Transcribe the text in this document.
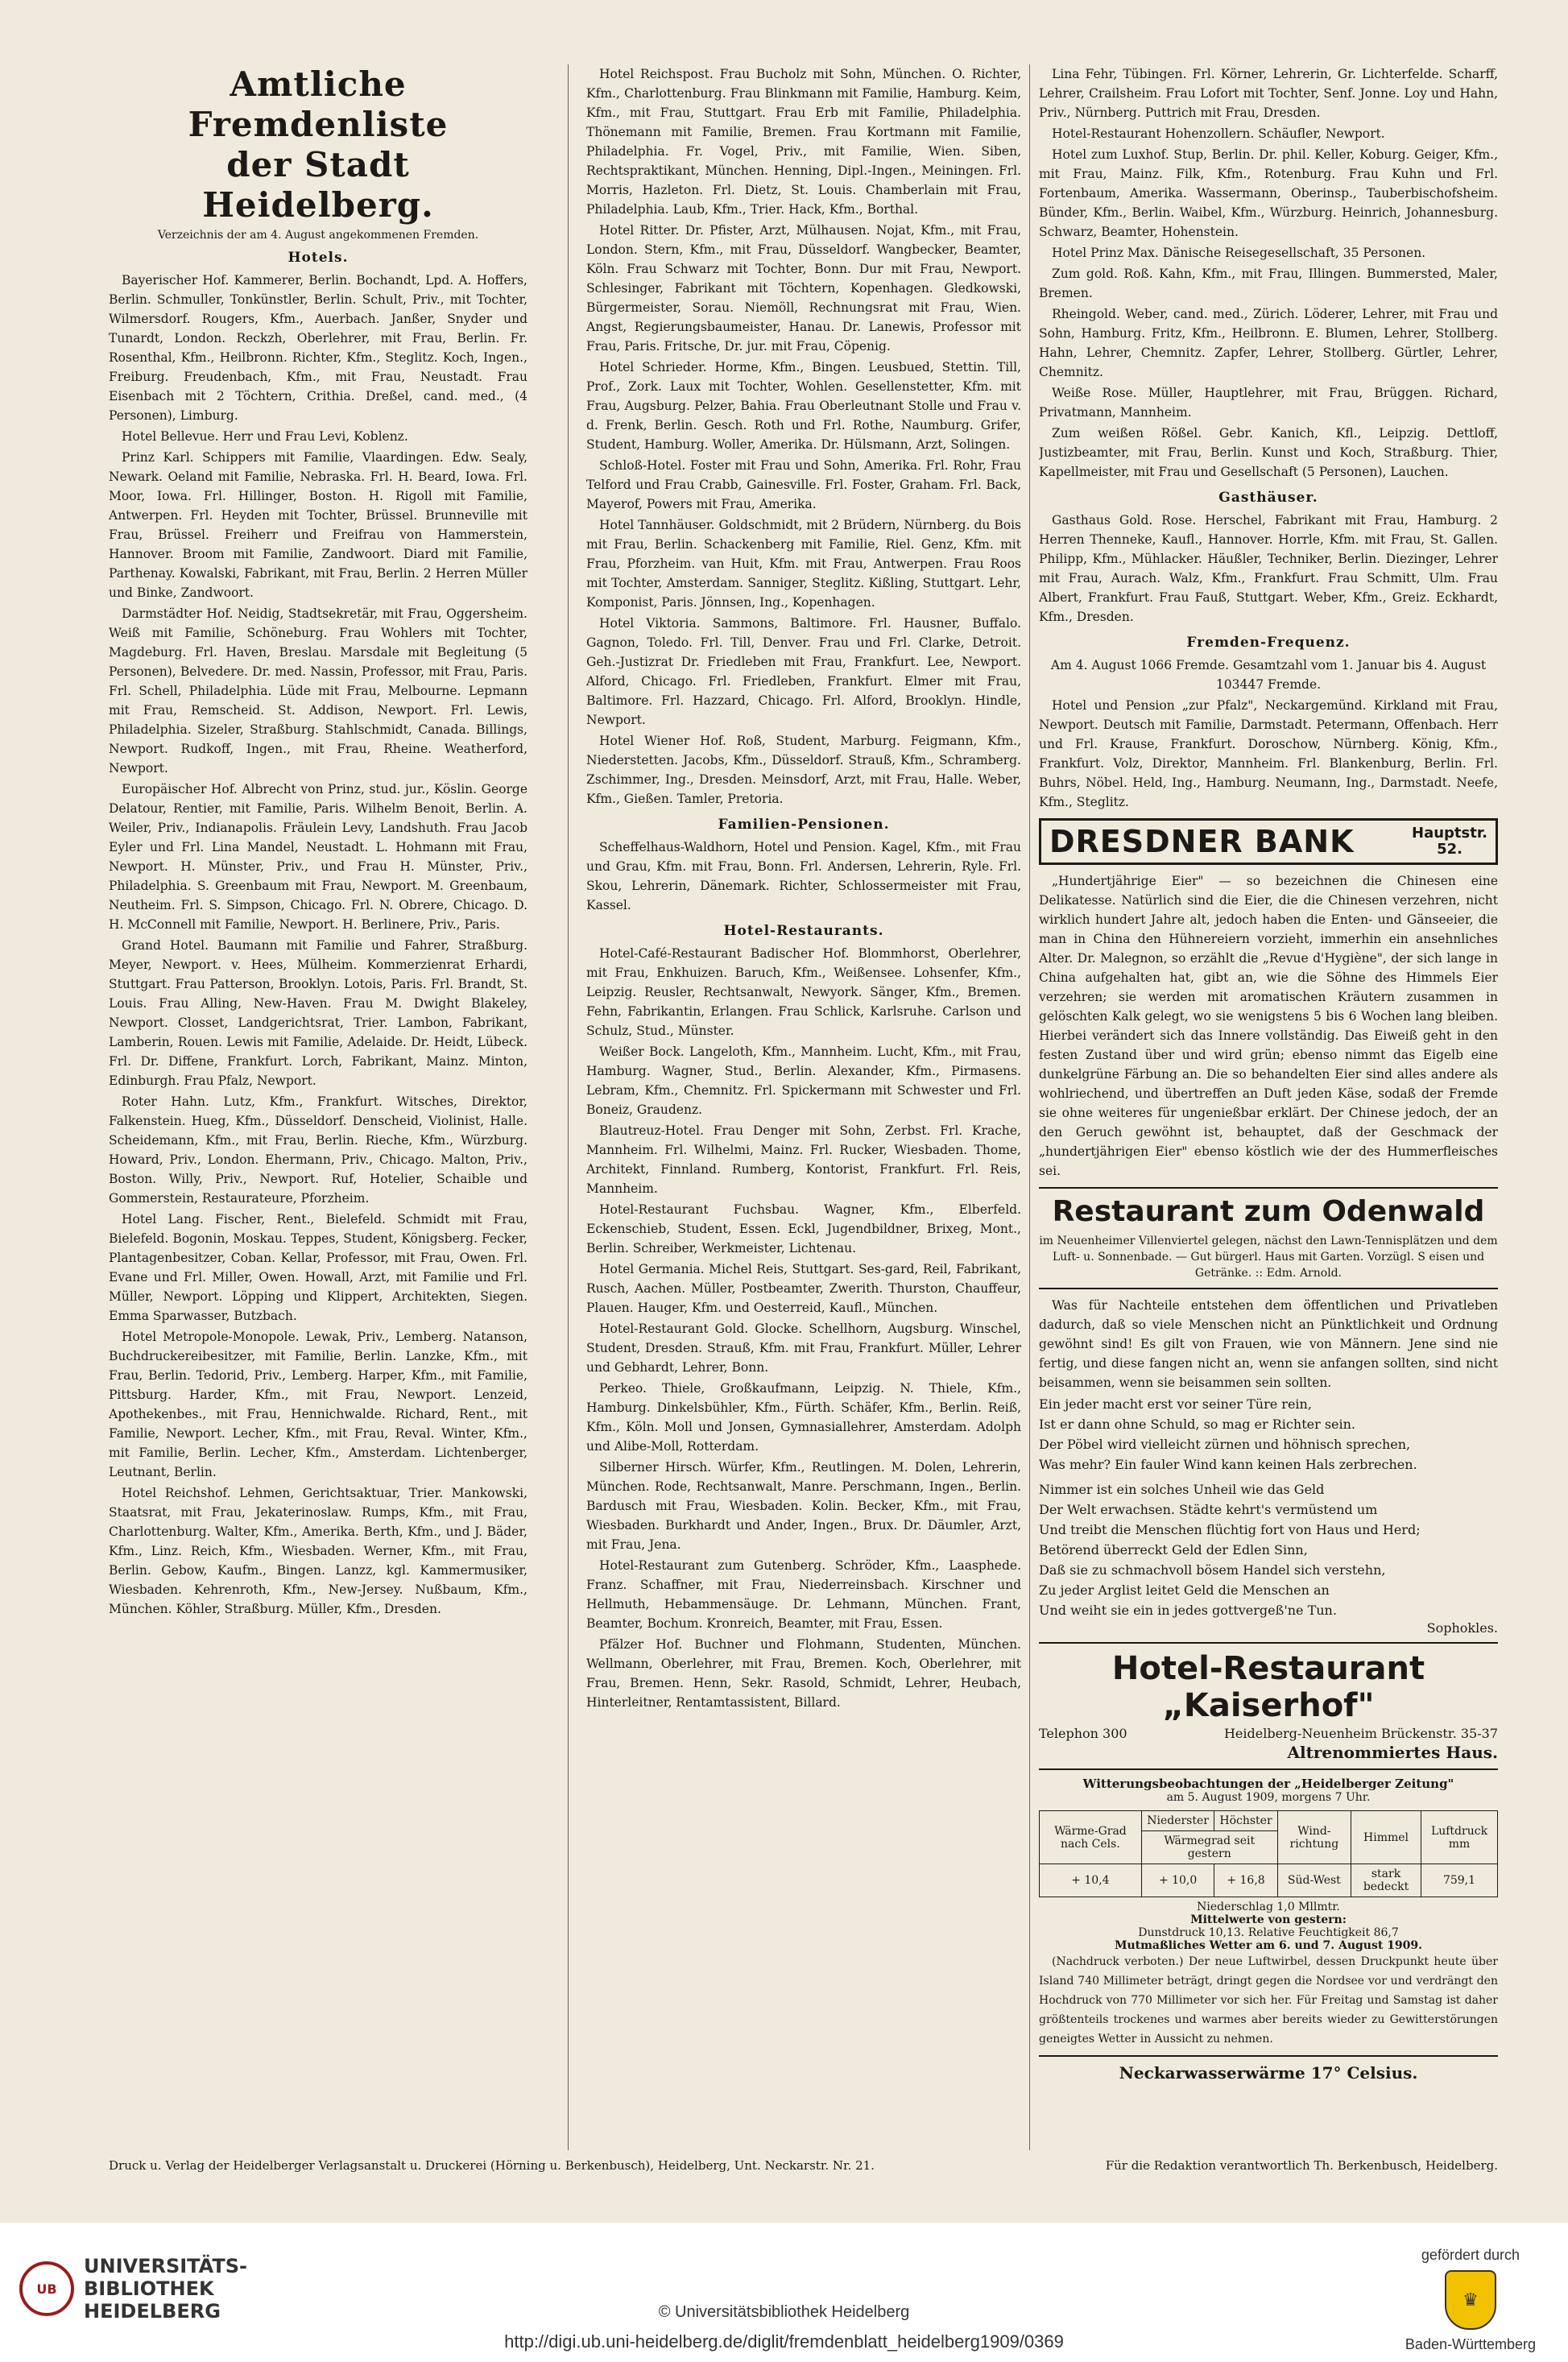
Amtliche Fremdenliste
der Stadt Heidelberg.
Verzeichnis der am 4. August angekommenen Fremden.
Hotels.

Bayerischer Hof. Kammerer, Berlin. Bochandt, Lpd. A. Hoffers, Berlin. Schmuller, Tonkünstler, Berlin. Schult, Priv., mit Tochter, Wilmersdorf. Rougers, Kfm., Auerbach. Janßer, Snyder und Tunardt, London. Reckzh, Oberlehrer, mit Frau, Berlin. Fr. Rosenthal, Kfm., Heilbronn. Richter, Kfm., Steglitz. Koch, Ingen., Freiburg. Freudenbach, Kfm., mit Frau, Neustadt. Frau Eisenbach mit 2 Töchtern, Crithia. Dreßel, cand. med., (4 Personen), Limburg.

Hotel Bellevue. Herr und Frau Levi, Koblenz.

Prinz Karl. Schippers mit Familie, Vlaardingen. Edw. Sealy, Newark. Oeland mit Familie, Nebraska. Frl. H. Beard, Iowa. Frl. Moor, Iowa. Frl. Hillinger, Boston. H. Rigoll mit Familie, Antwerpen. Frl. Heyden mit Tochter, Brüssel. Brunneville mit Frau, Brüssel. Freiherr und Freifrau von Hammerstein, Hannover. Broom mit Familie, Zandwoort. Diard mit Familie, Parthenay. Kowalski, Fabrikant, mit Frau, Berlin. 2 Herren Müller und Binke, Zandwoort.

Darmstädter Hof. Neidig, Stadtsekretär, mit Frau, Oggersheim. Weiß mit Familie, Schöneburg. Frau Wohlers mit Tochter, Magdeburg. Frl. Haven, Breslau. Marsdale mit Begleitung (5 Personen), Belvedere. Dr. med. Nassin, Professor, mit Frau, Paris. Frl. Schell, Philadelphia. Lüde mit Frau, Melbourne. Lepmann mit Frau, Remscheid. St. Addison, Newport. Frl. Lewis, Philadelphia. Sizeler, Straßburg. Stahlschmidt, Canada. Billings, Newport. Rudkoff, Ingen., mit Frau, Rheine. Weatherford, Newport.

Europäischer Hof. Albrecht von Prinz, stud. jur., Köslin. George Delatour, Rentier, mit Familie, Paris. Wilhelm Benoit, Berlin. A. Weiler, Priv., Indianapolis. Fräulein Levy, Landshuth. Frau Jacob Eyler und Frl. Lina Mandel, Neustadt. L. Hohmann mit Frau, Newport. H. Münster, Priv., und Frau H. Münster, Priv., Philadelphia. S. Greenbaum mit Frau, Newport. M. Greenbaum, Neutheim. Frl. S. Simpson, Chicago. Frl. N. Obrere, Chicago. D. H. McConnell mit Familie, Newport. H. Berlinere, Priv., Paris.

Grand Hotel. Baumann mit Familie und Fahrer, Straßburg. Meyer, Newport. v. Hees, Mülheim. Kommerzienrat Erhardi, Stuttgart. Frau Patterson, Brooklyn. Lotois, Paris. Frl. Brandt, St. Louis. Frau Alling, New-Haven. Frau M. Dwight Blakeley, Newport. Closset, Landgerichtsrat, Trier. Lambon, Fabrikant, Lamberin, Rouen. Lewis mit Familie, Adelaide. Dr. Heidt, Lübeck. Frl. Dr. Diffene, Frankfurt. Lorch, Fabrikant, Mainz. Minton, Edinburgh. Frau Pfalz, Newport.

Roter Hahn. Lutz, Kfm., Frankfurt. Witsches, Direktor, Falkenstein. Hueg, Kfm., Düsseldorf. Denscheid, Violinist, Halle. Scheidemann, Kfm., mit Frau, Berlin. Rieche, Kfm., Würzburg. Howard, Priv., London. Ehermann, Priv., Chicago. Malton, Priv., Boston. Willy, Priv., Newport. Ruf, Hotelier, Schaible und Gommerstein, Restaurateure, Pforzheim.

Hotel Lang. Fischer, Rent., Bielefeld. Schmidt mit Frau, Bielefeld. Bogonin, Moskau. Teppes, Student, Königsberg. Fecker, Plantagenbesitzer, Coban. Kellar, Professor, mit Frau, Owen. Frl. Evane und Frl. Miller, Owen. Howall, Arzt, mit Familie und Frl. Müller, Newport. Löpping und Klippert, Architekten, Siegen. Emma Sparwasser, Butzbach.

Hotel Metropole-Monopole. Lewak, Priv., Lemberg. Natanson, Buchdruckereibesitzer, mit Familie, Berlin. Lanzke, Kfm., mit Frau, Berlin. Tedorid, Priv., Lemberg. Harper, Kfm., mit Familie, Pittsburg. Harder, Kfm., mit Frau, Newport. Lenzeid, Apothekenbes., mit Frau, Hennichwalde. Richard, Rent., mit Familie, Newport. Lecher, Kfm., mit Frau, Reval. Winter, Kfm., mit Familie, Berlin. Lecher, Kfm., Amsterdam. Lichtenberger, Leutnant, Berlin.

Hotel Reichshof. Lehmen, Gerichtsaktuar, Trier. Mankowski, Staatsrat, mit Frau, Jekaterinoslaw. Rumps, Kfm., mit Frau, Charlottenburg. Walter, Kfm., Amerika. Berth, Kfm., und J. Bäder, Kfm., Linz. Reich, Kfm., Wiesbaden. Werner, Kfm., mit Frau, Berlin. Gebow, Kaufm., Bingen. Lanzz, kgl. Kammermusiker, Wiesbaden. Kehrenroth, Kfm., New-Jersey. Nußbaum, Kfm., München. Köhler, Straßburg. Müller, Kfm., Dresden.

Hotel Reichspost. Frau Bucholz mit Sohn, München. O. Richter, Kfm., Charlottenburg. Frau Blinkmann mit Familie, Hamburg. Keim, Kfm., mit Frau, Stuttgart. Frau Erb mit Familie, Philadelphia. Thönemann mit Familie, Bremen. Frau Kortmann mit Familie, Philadelphia. Fr. Vogel, Priv., mit Familie, Wien. Siben, Rechtspraktikant, München. Henning, Dipl.-Ingen., Meiningen. Frl. Morris, Hazleton. Frl. Dietz, St. Louis. Chamberlain mit Frau, Philadelphia. Laub, Kfm., Trier. Hack, Kfm., Borthal.

Hotel Ritter. Dr. Pfister, Arzt, Mülhausen. Nojat, Kfm., mit Frau, London. Stern, Kfm., mit Frau, Düsseldorf. Wangbecker, Beamter, Köln. Frau Schwarz mit Tochter, Bonn. Dur mit Frau, Newport. Schlesinger, Fabrikant mit Töchtern, Kopenhagen. Gledkowski, Bürgermeister, Sorau. Niemöll, Rechnungsrat mit Frau, Wien. Angst, Regierungsbaumeister, Hanau. Dr. Lanewis, Professor mit Frau, Paris. Fritsche, Dr. jur. mit Frau, Cöpenig.

Hotel Schrieder. Horme, Kfm., Bingen. Leusbued, Stettin. Till, Prof., Zork. Laux mit Tochter, Wohlen. Gesellenstetter, Kfm. mit Frau, Augsburg. Pelzer, Bahia. Frau Oberleutnant Stolle und Frau v. d. Frenk, Berlin. Gesch. Roth und Frl. Rothe, Naumburg. Grifer, Student, Hamburg. Woller, Amerika. Dr. Hülsmann, Arzt, Solingen.

Schloß-Hotel. Foster mit Frau und Sohn, Amerika. Frl. Rohr, Frau Telford und Frau Crabb, Gainesville. Frl. Foster, Graham. Frl. Back, Mayerof, Powers mit Frau, Amerika.

Hotel Tannhäuser. Goldschmidt, mit 2 Brüdern, Nürnberg. du Bois mit Frau, Berlin. Schackenberg mit Familie, Riel. Genz, Kfm. mit Frau, Pforzheim. van Huit, Kfm. mit Frau, Antwerpen. Frau Roos mit Tochter, Amsterdam. Sanniger, Steglitz. Kißling, Stuttgart. Lehr, Komponist, Paris. Jönnsen, Ing., Kopenhagen.

Hotel Viktoria. Sammons, Baltimore. Frl. Hausner, Buffalo. Gagnon, Toledo. Frl. Till, Denver. Frau und Frl. Clarke, Detroit. Geh.-Justizrat Dr. Friedleben mit Frau, Frankfurt. Lee, Newport. Alford, Chicago. Frl. Friedleben, Frankfurt. Elmer mit Frau, Baltimore. Frl. Hazzard, Chicago. Frl. Alford, Brooklyn. Hindle, Newport.

Hotel Wiener Hof. Roß, Student, Marburg. Feigmann, Kfm., Niederstetten. Jacobs, Kfm., Düsseldorf. Strauß, Kfm., Schramberg. Zschimmer, Ing., Dresden. Meinsdorf, Arzt, mit Frau, Halle. Weber, Kfm., Gießen. Tamler, Pretoria.

Familien-Pensionen.

Scheffelhaus-Waldhorn, Hotel und Pension. Kagel, Kfm., mit Frau und Grau, Kfm. mit Frau, Bonn. Frl. Andersen, Lehrerin, Ryle. Frl. Skou, Lehrerin, Dänemark. Richter, Schlossermeister mit Frau, Kassel.

Hotel-Restaurants.

Hotel-Café-Restaurant Badischer Hof. Blommhorst, Oberlehrer, mit Frau, Enkhuizen. Baruch, Kfm., Weißensee. Lohsenfer, Kfm., Leipzig. Reusler, Rechtsanwalt, Newyork. Sänger, Kfm., Bremen. Fehn, Fabrikantin, Erlangen. Frau Schlick, Karlsruhe. Carlson und Schulz, Stud., Münster.

Weißer Bock. Langeloth, Kfm., Mannheim. Lucht, Kfm., mit Frau, Hamburg. Wagner, Stud., Berlin. Alexander, Kfm., Pirmasens. Lebram, Kfm., Chemnitz. Frl. Spickermann mit Schwester und Frl. Boneiz, Graudenz.

Blautreuz-Hotel. Frau Denger mit Sohn, Zerbst. Frl. Krache, Mannheim. Frl. Wilhelmi, Mainz. Frl. Rucker, Wiesbaden. Thome, Architekt, Finnland. Rumberg, Kontorist, Frankfurt. Frl. Reis, Mannheim.

Hotel-Restaurant Fuchsbau. Wagner, Kfm., Elberfeld. Eckenschieb, Student, Essen. Eckl, Jugendbildner, Brixeg, Mont., Berlin. Schreiber, Werkmeister, Lichtenau.

Hotel Germania. Michel Reis, Stuttgart. Ses-gard, Reil, Fabrikant, Rusch, Aachen. Müller, Postbeamter, Zwerith. Thurston, Chauffeur, Plauen. Hauger, Kfm. und Oesterreid, Kaufl., München.

Hotel-Restaurant Gold. Glocke. Schellhorn, Augsburg. Winschel, Student, Dresden. Strauß, Kfm. mit Frau, Frankfurt. Müller, Lehrer und Gebhardt, Lehrer, Bonn.

Perkeo. Thiele, Großkaufmann, Leipzig. N. Thiele, Kfm., Hamburg. Dinkelsbühler, Kfm., Fürth. Schäfer, Kfm., Berlin. Reiß, Kfm., Köln. Moll und Jonsen, Gymnasiallehrer, Amsterdam. Adolph und Alibe-Moll, Rotterdam.

Silberner Hirsch. Würfer, Kfm., Reutlingen. M. Dolen, Lehrerin, München. Rode, Rechtsanwalt, Manre. Perschmann, Ingen., Berlin. Bardusch mit Frau, Wiesbaden. Kolin. Becker, Kfm., mit Frau, Wiesbaden. Burkhardt und Ander, Ingen., Brux. Dr. Däumler, Arzt, mit Frau, Jena.

Hotel-Restaurant zum Gutenberg. Schröder, Kfm., Laasphede. Franz. Schaffner, mit Frau, Niederreinsbach. Kirschner und Hellmuth, Hebammensäuge. Dr. Lehmann, München. Frant, Beamter, Bochum. Kronreich, Beamter, mit Frau, Essen.

Pfälzer Hof. Buchner und Flohmann, Studenten, München. Wellmann, Oberlehrer, mit Frau, Bremen. Koch, Oberlehrer, mit Frau, Bremen. Henn, Sekr. Rasold, Schmidt, Lehrer, Heubach, Hinterleitner, Rentamtassistent, Billard.

Lina Fehr, Tübingen. Frl. Körner, Lehrerin, Gr. Lichterfelde. Scharff, Lehrer, Crailsheim. Frau Lofort mit Tochter, Senf. Jonne. Loy und Hahn, Priv., Nürnberg. Puttrich mit Frau, Dresden.

Hotel-Restaurant Hohenzollern. Schäufler, Newport.

Hotel zum Luxhof. Stup, Berlin. Dr. phil. Keller, Koburg. Geiger, Kfm., mit Frau, Mainz. Filk, Kfm., Rotenburg. Frau Kuhn und Frl. Fortenbaum, Amerika. Wassermann, Oberinsp., Tauberbischofsheim. Bünder, Kfm., Berlin. Waibel, Kfm., Würzburg. Heinrich, Johannesburg. Schwarz, Beamter, Hohenstein.

Hotel Prinz Max. Dänische Reisegesellschaft, 35 Personen.

Zum gold. Roß. Kahn, Kfm., mit Frau, Illingen. Bummersted, Maler, Bremen.

Rheingold. Weber, cand. med., Zürich. Löderer, Lehrer, mit Frau und Sohn, Hamburg. Fritz, Kfm., Heilbronn. E. Blumen, Lehrer, Stollberg. Hahn, Lehrer, Chemnitz. Zapfer, Lehrer, Stollberg. Gürtler, Lehrer, Chemnitz.

Weiße Rose. Müller, Hauptlehrer, mit Frau, Brüggen. Richard, Privatmann, Mannheim.

Zum weißen Rößel. Gebr. Kanich, Kfl., Leipzig. Dettloff, Justizbeamter, mit Frau, Berlin. Kunst und Koch, Straßburg. Thier, Kapellmeister, mit Frau und Gesellschaft (5 Personen), Lauchen.

Gasthäuser.

Gasthaus Gold. Rose. Herschel, Fabrikant mit Frau, Hamburg. 2 Herren Thenneke, Kaufl., Hannover. Horrle, Kfm. mit Frau, St. Gallen. Philipp, Kfm., Mühlacker. Häußler, Techniker, Berlin. Diezinger, Lehrer mit Frau, Aurach. Walz, Kfm., Frankfurt. Frau Schmitt, Ulm. Frau Albert, Frankfurt. Frau Fauß, Stuttgart. Weber, Kfm., Greiz. Eckhardt, Kfm., Dresden.

Fremden-Frequenz.

Am 4. August 1066 Fremde. Gesamtzahl vom 1. Januar bis 4. August 103447 Fremde.

Hotel und Pension „zur Pfalz", Neckargemünd. Kirkland mit Frau, Newport. Deutsch mit Familie, Darmstadt. Petermann, Offenbach. Herr und Frl. Krause, Frankfurt. Doroschow, Nürnberg. König, Kfm., Frankfurt. Volz, Direktor, Mannheim. Frl. Blankenburg, Berlin. Frl. Buhrs, Nöbel. Held, Ing., Hamburg. Neumann, Ing., Darmstadt. Neefe, Kfm., Steglitz.

DRESDNER BANK	Hauptstr.
52.

„Hundertjährige Eier" — so bezeichnen die Chinesen eine Delikatesse. Natürlich sind die Eier, die die Chinesen verzehren, nicht wirklich hundert Jahre alt, jedoch haben die Enten- und Gänseeier, die man in China den Hühnereiern vorzieht, immerhin ein ansehnliches Alter. Dr. Malegnon, so erzählt die „Revue d'Hygiène", der sich lange in China aufgehalten hat, gibt an, wie die Söhne des Himmels Eier verzehren; sie werden mit aromatischen Kräutern zusammen in gelöschten Kalk gelegt, wo sie wenigstens 5 bis 6 Wochen lang bleiben. Hierbei verändert sich das Innere vollständig. Das Eiweiß geht in den festen Zustand über und wird grün; ebenso nimmt das Eigelb eine dunkelgrüne Färbung an. Die so behandelten Eier sind alles andere als wohlriechend, und übertreffen an Duft jeden Käse, sodaß der Fremde sie ohne weiteres für ungenießbar erklärt. Der Chinese jedoch, der an den Geruch gewöhnt ist, behauptet, daß der Geschmack der „hundertjährigen Eier" ebenso köstlich wie der des Hummerfleisches sei.

Restaurant zum Odenwald
im Neuenheimer Villenviertel gelegen, nächst den Lawn-Tennisplätzen und dem Luft- u. Sonnenbade. — Gut bürgerl. Haus mit Garten. Vorzügl. S eisen und Getränke. :: Edm. Arnold.

Was für Nachteile entstehen dem öffentlichen und Privatleben dadurch, daß so viele Menschen nicht an Pünktlichkeit und Ordnung gewöhnt sind! Es gilt von Frauen, wie von Männern. Jene sind nie fertig, und diese fangen nicht an, wenn sie anfangen sollten, sind nicht beisammen, wenn sie beisammen sein sollten.

Ein jeder macht erst vor seiner Türe rein,

Ist er dann ohne Schuld, so mag er Richter sein.

Der Pöbel wird vielleicht zürnen und höhnisch sprechen,

Was mehr? Ein fauler Wind kann keinen Hals zerbrechen.

Nimmer ist ein solches Unheil wie das Geld

Der Welt erwachsen. Städte kehrt's vermüstend um

Und treibt die Menschen flüchtig fort von Haus und Herd;

Betörend überreckt Geld der Edlen Sinn,

Daß sie zu schmachvoll bösem Handel sich verstehn,

Zu jeder Arglist leitet Geld die Menschen an

Und weiht sie ein in jedes gottvergeß'ne Tun.

Sophokles.
Hotel-Restaurant „Kaiserhof"
Telephon 300	Heidelberg-Neuenheim Brückenstr. 35-37
Altrenommiertes Haus.
Witterungsbeobachtungen der „Heidelberger Zeitung"
am 5. August 1909, morgens 7 Uhr.
Wärme-Grad nach Cels.	Niederster	Höchster	Wind-richtung	Himmel	Luftdruck mm
	Wärmegrad seit gestern				
+ 10,4	+ 10,0	+ 16,8	Süd-West	stark bedeckt	759,1
Niederschlag 1,0 Mllmtr.
Mittelwerte von gestern:
Dunstdruck 10,13. Relative Feuchtigkeit 86,7
Mutmaßliches Wetter am 6. und 7. August 1909.

(Nachdruck verboten.) Der neue Luftwirbel, dessen Druckpunkt heute über Island 740 Millimeter beträgt, dringt gegen die Nordsee vor und verdrängt den Hochdruck von 770 Millimeter vor sich her. Für Freitag und Samstag ist daher größtenteils trockenes und warmes aber bereits wieder zu Gewitterstörungen geneigtes Wetter in Aussicht zu nehmen.

Neckarwasserwärme 17° Celsius.
Druck u. Verlag der Heidelberger Verlagsanstalt u. Druckerei (Hörning u. Berkenbusch), Heidelberg, Unt. Neckarstr. Nr. 21.	Für die Redaktion verantwortlich Th. Berkenbusch, Heidelberg.
UB
UNIVERSITÄTS-
BIBLIOTHEK
HEIDELBERG	© Universitätsbibliothek Heidelberg
http://digi.ub.uni-heidelberg.de/diglit/fremdenblatt_heidelberg1909/0369
gefördert durch
♛
Baden-Württemberg
